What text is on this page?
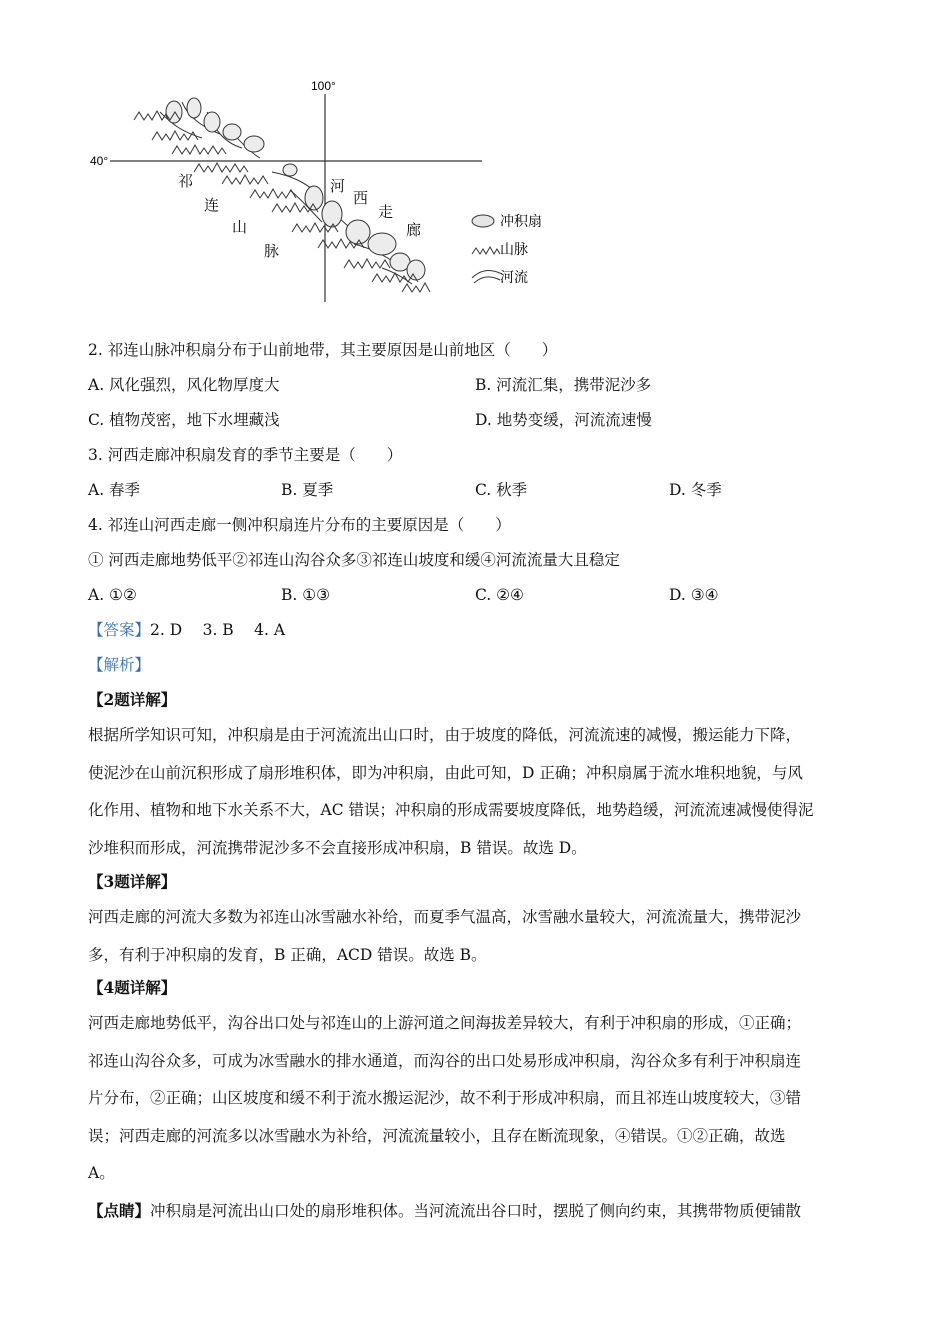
100°
40°
祁
连
山
脉
河
西
走
廊	冲积扇
山脉
河流
2. 祁连山脉冲积扇分布于山前地带，其主要原因是山前地区（　　）
A. 风化强烈，风化物厚度大	B. 河流汇集，携带泥沙多
C. 植物茂密，地下水埋藏浅	D. 地势变缓，河流流速慢
3. 河西走廊冲积扇发育的季节主要是（　　）
A. 春季	B. 夏季	C. 秋季	D. 冬季
4. 祁连山河西走廊一侧冲积扇连片分布的主要原因是（　　）
① 河西走廊地势低平②祁连山沟谷众多③祁连山坡度和缓④河流流量大且稳定
A. ①②	B. ①③	C. ②④	D. ③④
【答案】2. D　 3. B　 4. A
【解析】
【2题详解】
根据所学知识可知，冲积扇是由于河流流出山口时，由于坡度的降低，河流流速的减慢，搬运能力下降，
使泥沙在山前沉积形成了扇形堆积体，即为冲积扇，由此可知，D 正确；冲积扇属于流水堆积地貌，与风
化作用、植物和地下水关系不大，AC 错误；冲积扇的形成需要坡度降低，地势趋缓，河流流速减慢使得泥
沙堆积而形成，河流携带泥沙多不会直接形成冲积扇，B 错误。故选 D。
【3题详解】
河西走廊的河流大多数为祁连山冰雪融水补给，而夏季气温高，冰雪融水量较大，河流流量大，携带泥沙
多，有利于冲积扇的发育，B 正确，ACD 错误。故选 B。
【4题详解】
河西走廊地势低平，沟谷出口处与祁连山的上游河道之间海拔差异较大，有利于冲积扇的形成，①正确；
祁连山沟谷众多，可成为冰雪融水的排水通道，而沟谷的出口处易形成冲积扇，沟谷众多有利于冲积扇连
片分布，②正确；山区坡度和缓不利于流水搬运泥沙，故不利于形成冲积扇，而且祁连山坡度较大，③错
误；河西走廊的河流多以冰雪融水为补给，河流流量较小，且存在断流现象，④错误。①②正确，故选
A。
【点睛】冲积扇是河流出山口处的扇形堆积体。当河流流出谷口时，摆脱了侧向约束，其携带物质便铺散
